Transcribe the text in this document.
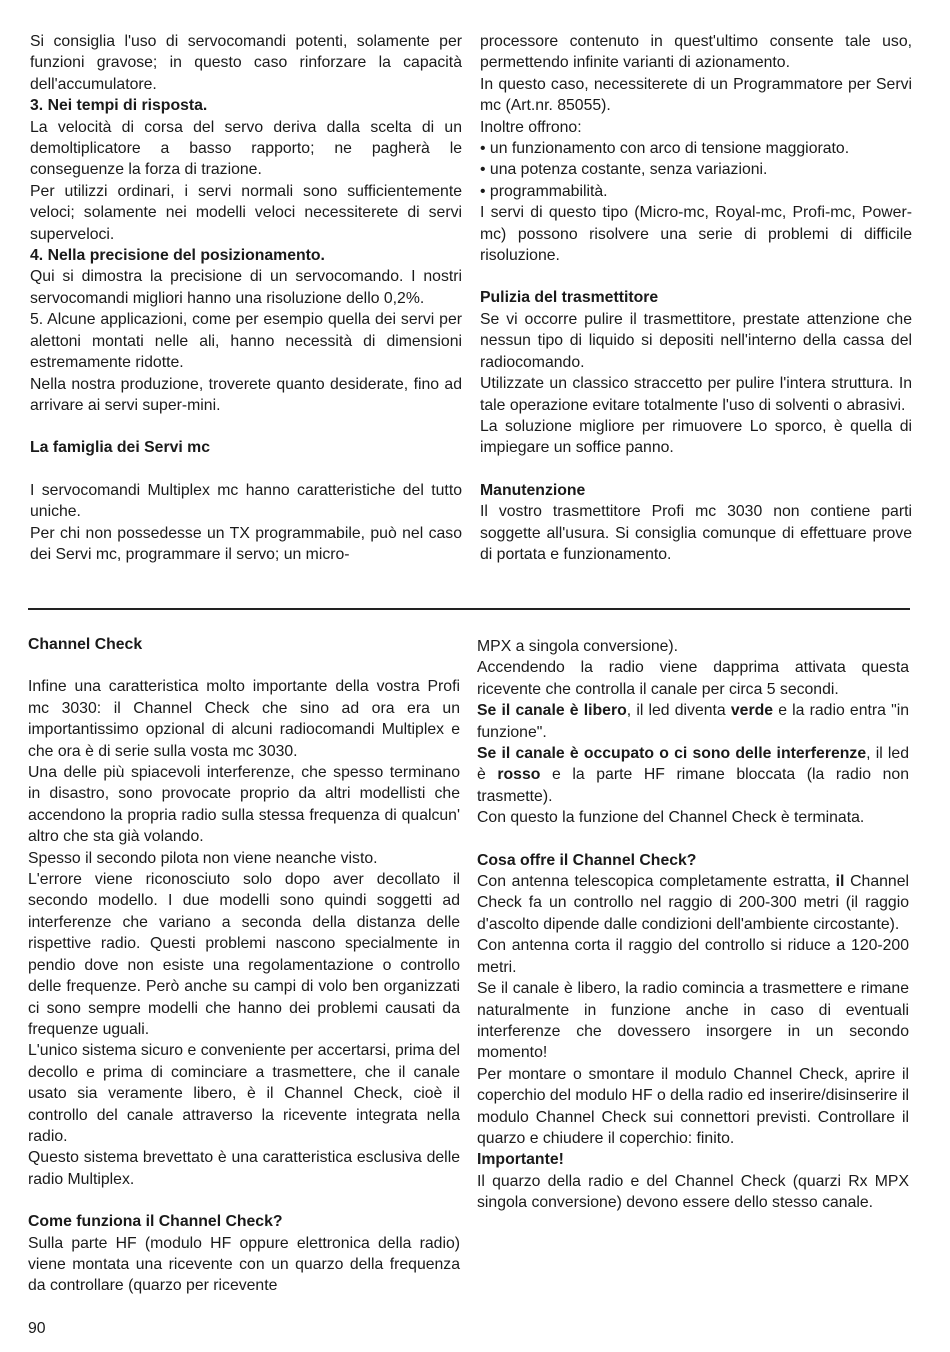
Si consiglia l'uso di servocomandi potenti, solamente per funzioni gravose; in questo caso rinforzare la capacità dell'accumulatore.

3. Nei tempi di risposta.

La velocità di corsa del servo deriva dalla scelta di un demoltiplicatore a basso rapporto; ne pagherà le conseguenze la forza di trazione.

Per utilizzi ordinari, i servi normali sono sufficientemente veloci; solamente nei modelli veloci necessiterete di servi superveloci.

4. Nella precisione del posizionamento.

Qui si dimostra la precisione di un servocomando. I nostri servocomandi migliori hanno una risoluzione dello 0,2%.

5. Alcune applicazioni, come per esempio quella dei servi per alettoni montati nelle ali, hanno necessità di dimensioni estremamente ridotte.

Nella nostra produzione, troverete quanto desiderate, fino ad arrivare ai servi super-mini.

La famiglia dei Servi mc

I servocomandi Multiplex mc hanno caratteristiche del tutto uniche.

Per chi non possedesse un TX programmabile, può nel caso dei Servi mc, programmare il servo; un micro-

processore contenuto in quest'ultimo consente tale uso, permettendo infinite varianti di azionamento.

In questo caso, necessiterete di un Programmatore per Servi mc (Art.nr. 85055).

Inoltre offrono:

• un funzionamento con arco di tensione maggiorato.

• una potenza costante, senza variazioni.

• programmabilità.

I servi di questo tipo (Micro-mc, Royal-mc, Profi-mc, Power-mc) possono risolvere una serie di problemi di difficile risoluzione.

Pulizia del trasmettitore

Se vi occorre pulire il trasmettitore, prestate attenzione che nessun tipo di liquido si depositi nell'interno della cassa del radiocomando.

Utilizzate un classico straccetto per pulire l'intera struttura. In tale operazione evitare totalmente l'uso di solventi o abrasivi.

La soluzione migliore per rimuovere Lo sporco, è quella di impiegare un soffice panno.

Manutenzione

Il vostro trasmettitore Profi mc 3030 non contiene parti soggette all'usura. Si consiglia comunque di effettuare prove di portata e funzionamento.

Channel Check

Infine una caratteristica molto importante della vostra Profi mc 3030: il Channel Check che sino ad ora era un importantissimo opzional di alcuni radiocomandi Multiplex e che ora è di serie sulla vosta mc 3030.

Una delle più spiacevoli interferenze, che spesso terminano in disastro, sono provocate proprio da altri modellisti che accendono la propria radio sulla stessa frequenza di qualcun' altro che sta già volando.

Spesso il secondo pilota non viene neanche visto.

L'errore viene riconosciuto solo dopo aver decollato il secondo modello. I due modelli sono quindi soggetti ad interferenze che variano a seconda della distanza delle rispettive radio. Questi problemi nascono specialmente in pendio dove non esiste una regolamentazione o controllo delle frequenze. Però anche su campi di volo ben organizzati ci sono sempre modelli che hanno dei problemi causati da frequenze uguali.

L'unico sistema sicuro e conveniente per accertarsi, prima del decollo e prima di cominciare a trasmettere, che il canale usato sia veramente libero, è il Channel Check, cioè il controllo del canale attraverso la ricevente integrata nella radio.

Questo sistema brevettato è una caratteristica esclusiva delle radio Multiplex.

Come funziona il Channel Check?

Sulla parte HF (modulo HF oppure elettronica della radio) viene montata una ricevente con un quarzo della frequenza da controllare (quarzo per ricevente

MPX a singola conversione).

Accendendo la radio viene dapprima attivata questa ricevente che controlla il canale per circa 5 secondi.

Se il canale è libero, il led diventa verde e la radio entra "in funzione".

Se il canale è occupato o ci sono delle interferenze, il led è rosso e la parte HF rimane bloccata (la radio non trasmette).

Con questo la funzione del Channel Check è terminata.

Cosa offre il Channel Check?

Con antenna telescopica completamente estratta, il Channel Check fa un controllo nel raggio di 200-300 metri (il raggio d'ascolto dipende dalle condizioni dell'ambiente circostante).

Con antenna corta il raggio del controllo si riduce a 120-200 metri.

Se il canale è libero, la radio comincia a trasmettere e rimane naturalmente in funzione anche in caso di eventuali interferenze che dovessero insorgere in un secondo momento!

Per montare o smontare il modulo Channel Check, aprire il coperchio del modulo HF o della radio ed inserire/disinserire il modulo Channel Check sui connettori previsti. Controllare il quarzo e chiudere il coperchio: finito.

Importante!

Il quarzo della radio e del Channel Check (quarzi Rx MPX singola conversione) devono essere dello stesso canale.

90
